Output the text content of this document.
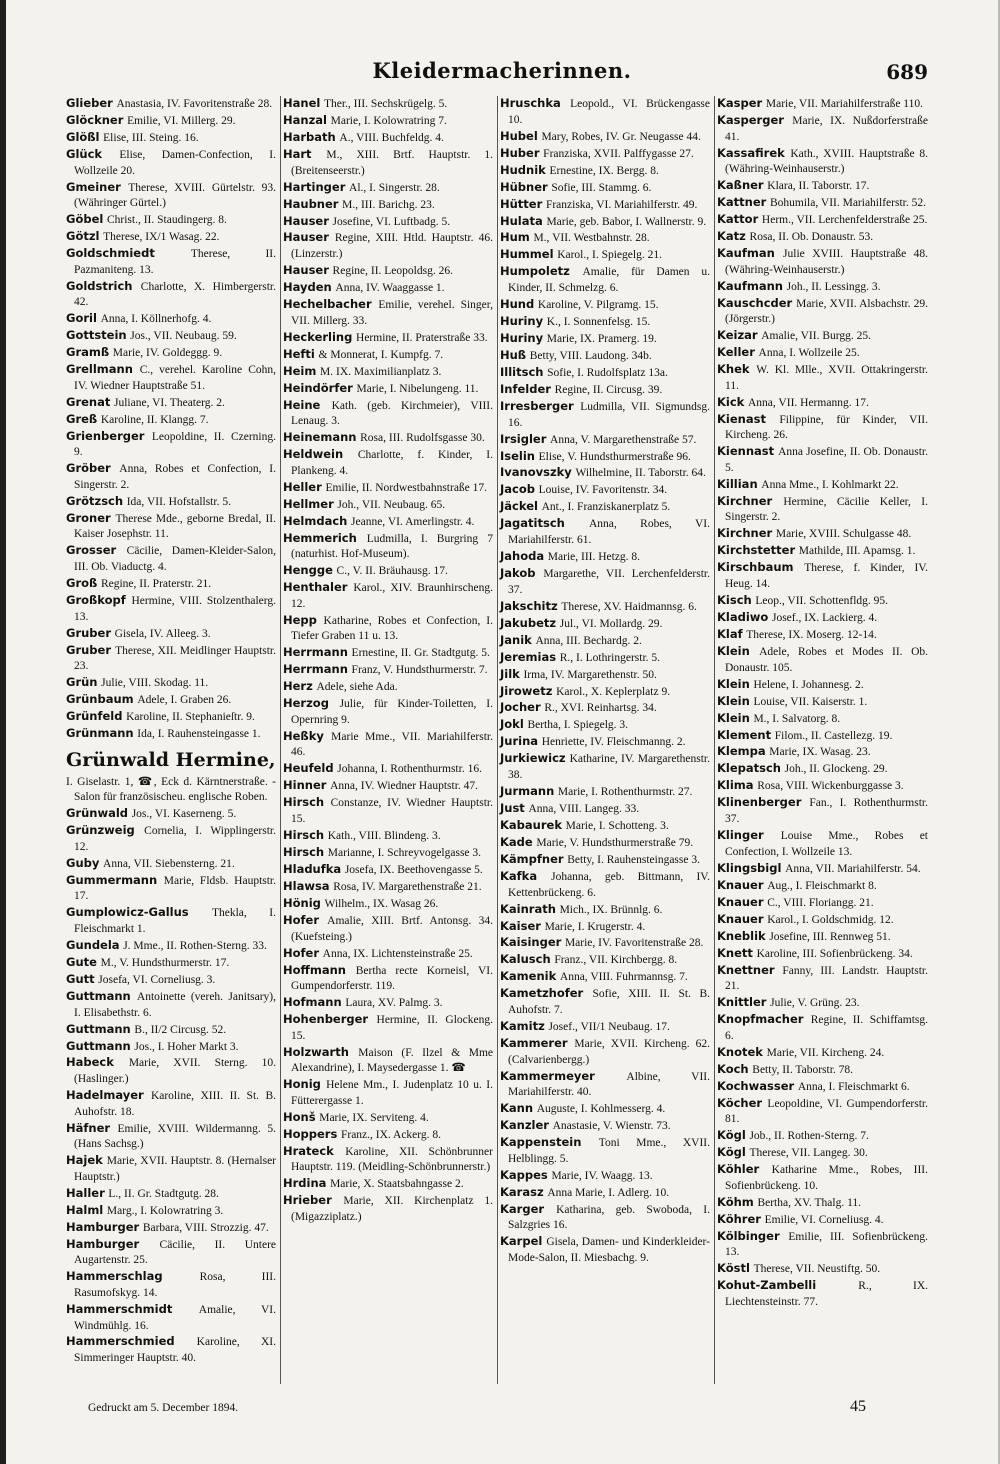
Kleidermacherinnen.	689
Glieber Anastasia, IV. Favoritenstraße 28.
Glöckner Emilie, VI. Millerg. 29.
Glößl Elise, III. Steing. 16.
Glück Elise, Damen-Confection, I. Wollzeile 20.
Gmeiner Therese, XVIII. Gürtelstr. 93. (Währinger Gürtel.)
Göbel Christ., II. Staudingerg. 8.
Götzl Therese, IX/1 Wasag. 22.
Goldschmiedt	Therese, II. Pazmaniteng. 13.
Goldstrich Charlotte, X. Himbergerstr. 42.
Goril Anna, I. Köllnerhofg. 4.
Gottstein Jos., VII. Neubaug. 59.
Gramß Marie, IV. Goldeggg. 9.
Grellmann C., verehel. Karoline Cohn, IV. Wiedner Hauptstraße 51.
Grenat Juliane, VI. Theaterg. 2.
Greß Karoline, II. Klangg. 7.
Grienberger Leopoldine, II. Czerning. 9.
Gröber Anna, Robes et Confection, I. Singerstr. 2.
Grötzsch Ida, VII. Hofstallstr. 5.
Groner Therese Mde., geborne Bredal, II. Kaiser Josephstr. 11.
Grosser Cäcilie, Damen-Kleider-Salon, III. Ob. Viaductg. 4.
Groß Regine, II. Praterstr. 21.
Großkopf Hermine, VIII. Stolzenthalerg. 13.
Gruber Gisela, IV. Alleeg. 3.
Gruber Therese, XII. Meidlinger Hauptstr. 23.
Grün Julie, VIII. Skodag. 11.
Grünbaum Adele, I. Graben 26.
Grünfeld Karoline, II. Stephanieſtr. 9.
Grünmann Ida, I. Rauhensteingasse 1.
Grünwald Hermine,
I. Giselastr. 1, ☎, Eck d. Kärntnerstraße. -Salon für französischeu. englische Roben.
Grünwald Jos., VI. Kaserneng. 5.
Grünzweig Cornelia, I. Wipplingerstr. 12.
Guby Anna, VII. Siebensterng. 21.
Gummermann Marie, Fldsb. Hauptstr. 17.
Gumplowicz-Gallus Thekla, I. Fleischmarkt 1.
Gundela J. Mme., II. Rothen-Sterng. 33.
Gute M., V. Hundsthurmerstr. 17.
Gutt Josefa, VI. Corneliusg. 3.
Guttmann Antoinette (vereh. Janitsary), I. Elisabethstr. 6.
Guttmann B., II/2 Circusg. 52.
Guttmann Jos., I. Hoher Markt 3.
Habeck Marie, XVII. Sterng. 10. (Haslinger.)
Hadelmayer Karoline, XIII. II. St. B. Auhofstr. 18.
Häfner Emilie, XVIII. Wildermanng. 5. (Hans Sachsg.)
Hajek Marie, XVII. Hauptstr. 8. (Hernalser Hauptstr.)
Haller L., II. Gr. Stadtgutg. 28.
Halml Marg., I. Kolowratring 3.
Hamburger Barbara, VIII. Strozzig. 47.
Hamburger Cäcilie, II. Untere Augartenstr. 25.
Hammerschlag	Rosa, III. Rasumofskyg. 14.
Hammerschmidt Amalie, VI. Windmühlg. 16.
Hammerschmied Karoline, XI. Simmeringer Hauptstr. 40.
Hanel Ther., III. Sechskrügelg. 5.
Hanzal Marie, I. Kolowratring 7.
Harbath A., VIII. Buchfeldg. 4.
Hart M., XIII. Brtf. Hauptstr. 1. (Breitenseerstr.)
Hartinger Al., I. Singerstr. 28.
Haubner M., III. Barichg. 23.
Hauser Josefine, VI. Luftbadg. 5.
Hauser Regine, XIII. Htld. Hauptstr. 46. (Linzerstr.)
Hauser Regine, II. Leopoldsg. 26.
Hayden Anna, IV. Waaggasse 1.
Hechelbacher Emilie, verehel. Singer, VII. Millerg. 33.
Heckerling Hermine, II. Praterstraße 33.
Hefti & Monnerat, I. Kumpfg. 7.
Heim M. IX. Maximilianplatz 3.
Heindörfer Marie, I. Nibelungeng. 11.
Heine Kath. (geb. Kirchmeier), VIII. Lenaug. 3.
Heinemann Rosa, III. Rudolfsgasse 30.
Heldwein Charlotte, f. Kinder, I. Plankeng. 4.
Heller Emilie, II. Nordwestbahnstraße 17.
Hellmer Joh., VII. Neubaug. 65.
Helmdach Jeanne, VI. Amerlingstr. 4.
Hemmerich Ludmilla, I. Burgring 7 (naturhist. Hof-Museum).
Hengge C., V. II. Bräuhausg. 17.
Henthaler Karol., XIV. Braunhirscheng. 12.
Hepp Katharine, Robes et Confection, I. Tiefer Graben 11 u. 13.
Herrmann Ernestine, II. Gr. Stadtgutg. 5.
Herrmann Franz, V. Hundsthurmerstr. 7.
Herz Adele, siehe Ada.
Herzog Julie, für Kinder-Toiletten, I. Opernring 9.
Heßky Marie Mme., VII. Mariahilferstr. 46.
Heufeld Johanna, I. Rothenthurmstr. 16.
Hinner Anna, IV. Wiedner Hauptstr. 47.
Hirsch Constanze, IV. Wiedner Hauptstr. 15.
Hirsch Kath., VIII. Blindeng. 3.
Hirsch Marianne, I. Schreyvogelgasse 3.
Hladufka Josefa, IX. Beethovengasse 5.
Hlawsa Rosa, IV. Margarethenstraße 21.
Hönig Wilhelm., IX. Wasag 26.
Hofer Amalie, XIII. Brtf. Antonsg. 34. (Kuefsteing.)
Hofer Anna, IX. Lichtensteinstraße 25.
Hoffmann Bertha recte Korneisl, VI. Gumpendorferstr. 119.
Hofmann Laura, XV. Palmg. 3.
Hohenberger Hermine, II. Glockeng. 15.
Holzwarth Maison (F. Ilzel & Mme Alexandrine), I. Maysedergasse 1. ☎
Honig Helene Mm., I. Judenplatz 10 u. I. Fütterergasse 1.
Honš Marie, IX. Serviteng. 4.
Hoppers Franz., IX. Ackerg. 8.
Hrateck Karoline, XII. Schönbrunner Hauptstr. 119. (Meidling-Schönbrunnerstr.)
Hrdina Marie, X. Staatsbahngasse 2.
Hrieber Marie, XII. Kirchenplatz 1. (Migazziplatz.)
Hruschka Leopold., VI. Brückengasse 10.
Hubel Mary, Robes, IV. Gr. Neugasse 44.
Huber Franziska, XVII. Palffygasse 27.
Hudnik Ernestine, IX. Bergg. 8.
Hübner Sofie, III. Stammg. 6.
Hütter Franziska, VI. Mariahilferstr. 49.
Hulata Marie, geb. Babor, I. Wallnerstr. 9.
Hum M., VII. Westbahnstr. 28.
Hummel Karol., I. Spiegelg. 21.
Humpoletz Amalie, für Damen u. Kinder, II. Schmelzg. 6.
Hund Karoline, V. Pilgramg. 15.
Huriny K., I. Sonnenfelsg. 15.
Huriny Marie, IX. Pramerg. 19.
Huß Betty, VIII. Laudong. 34b.
Illitsch Sofie, I. Rudolfsplatz 13a.
Infelder Regine, II. Circusg. 39.
Irresberger Ludmilla, VII. Sigmundsg. 16.
Irsigler Anna, V. Margarethenstraße 57.
Iselin Elise, V. Hundsthurmerstraße 96.
Ivanovszky Wilhelmine, II. Taborstr. 64.
Jacob Louise, IV. Favoritenstr. 34.
Jäckel Ant., I. Franziskanerplatz 5.
Jagatitsch Anna, Robes, VI. Mariahilferstr. 61.
Jahoda Marie, III. Hetzg. 8.
Jakob Margarethe, VII. Lerchenfelderstr. 37.
Jakschitz Therese, XV. Haidmannsg. 6.
Jakubetz Jul., VI. Mollardg. 29.
Janik Anna, III. Bechardg. 2.
Jeremias R., I. Lothringerstr. 5.
Jilk Irma, IV. Margarethenstr. 50.
Jirowetz Karol., X. Keplerplatz 9.
Jocher R., XVI. Reinhartsg. 34.
Jokl Bertha, I. Spiegelg. 3.
Jurina Henriette, IV. Fleischmanng. 2.
Jurkiewicz Katharine, IV. Margarethenstr. 38.
Jurmann Marie, I. Rothenthurmstr. 27.
Just Anna, VIII. Langeg. 33.
Kabaurek Marie, I. Schotteng. 3.
Kade Marie, V. Hundsthurmerstraße 79.
Kämpfner Betty, I. Rauhensteingasse 3.
Kafka Johanna, geb. Bittmann, IV. Kettenbrückeng. 6.
Kainrath Mich., IX. Brünnlg. 6.
Kaiser Marie, I. Krugerstr. 4.
Kaisinger Marie, IV. Favoritenstraße 28.
Kalusch Franz., VII. Kirchbergg. 8.
Kamenik Anna, VIII. Fuhrmannsg. 7.
Kametzhofer Sofie, XIII. II. St. B. Auhofstr. 7.
Kamitz Josef., VII/1 Neubaug. 17.
Kammerer Marie, XVII. Kircheng. 62. (Calvarienbergg.)
Kammermeyer	Albine, VII. Mariahilferstr. 40.
Kann Auguste, I. Kohlmesserg. 4.
Kanzler Anastasie, V. Wienstr. 73.
Kappenstein Toni Mme., XVII. Helblingg. 5.
Kappes Marie, IV. Waagg. 13.
Karasz Anna Marie, I. Adlerg. 10.
Karger Katharina, geb. Swoboda, I. Salzgries 16.
Karpel Gisela, Damen- und Kinderkleider-Mode-Salon, II. Miesbachg. 9.
Kasper Marie, VII. Mariahilferstraße 110.
Kasperger Marie, IX. Nußdorferstraße 41.
Kassafirek Kath., XVIII. Hauptstraße 8. (Währing-Weinhauserstr.)
Kaßner Klara, II. Taborstr. 17.
Kattner Bohumila, VII. Mariahilferstr. 52.
Kattor Herm., VII. Lerchenfelderstraße 25.
Katz Rosa, II. Ob. Donaustr. 53.
Kaufman Julie XVIII. Hauptstraße 48. (Währing-Weinhauserstr.)
Kaufmann Joh., II. Lessingg. 3.
Kauschcder Marie, XVII. Alsbachstr. 29. (Jörgerstr.)
Keizar Amalie, VII. Burgg. 25.
Keller Anna, I. Wollzeile 25.
Khek W. Kl. Mlle., XVII. Ottakringerstr. 11.
Kick Anna, VII. Hermanng. 17.
Kienast Filippine, für Kinder, VII. Kircheng. 26.
Kiennast Anna Josefine, II. Ob. Donaustr. 5.
Killian Anna Mme., I. Kohlmarkt 22.
Kirchner Hermine, Cäcilie Keller, I. Singerstr. 2.
Kirchner Marie, XVIII. Schulgasse 48.
Kirchstetter Mathilde, III. Apamsg. 1.
Kirschbaum Therese, f. Kinder, IV. Heug. 14.
Kisch Leop., VII. Schottenfldg. 95.
Kladiwo Josef., IX. Lackierg. 4.
Klaf Therese, IX. Moserg. 12-14.
Klein Adele, Robes et Modes II. Ob. Donaustr. 105.
Klein Helene, I. Johannesg. 2.
Klein Louise, VII. Kaiserstr. 1.
Klein M., I. Salvatorg. 8.
Klement Filom., II. Castellezg. 19.
Klempa Marie, IX. Wasag. 23.
Klepatsch Joh., II. Glockeng. 29.
Klima Rosa, VIII. Wickenburggasse 3.
Klinenberger Fan., I. Rothenthurmstr. 37.
Klinger Louise Mme., Robes et Confection, I. Wollzeile 13.
Klingsbigl Anna, VII. Mariahilferstr. 54.
Knauer Aug., I. Fleischmarkt 8.
Knauer C., VIII. Floriangg. 21.
Knauer Karol., I. Goldschmidg. 12.
Kneblik Josefine, III. Rennweg 51.
Knett Karoline, III. Sofienbrückeng. 34.
Knettner Fanny, III. Landstr. Hauptstr. 21.
Knittler Julie, V. Grüng. 23.
Knopfmacher Regine, II. Schiffamtsg. 6.
Knotek Marie, VII. Kircheng. 24.
Koch Betty, II. Taborstr. 78.
Kochwasser Anna, I. Fleischmarkt 6.
Köcher Leopoldine, VI. Gumpendorferstr. 81.
Kögl Job., II. Rothen-Sterng. 7.
Kögl Therese, VII. Langeg. 30.
Köhler Katharine Mme., Robes, III. Sofienbrückeng. 10.
Köhm Bertha, XV. Thalg. 11.
Köhrer Emilie, VI. Corneliusg. 4.
Kölbinger Emilie, III. Sofienbrückeng. 13.
Köstl Therese, VII. Neustiftg. 50.
Kohut-Zambelli	R., IX. Liechtensteinstr. 77.
Gedruckt am 5. December 1894.	45
